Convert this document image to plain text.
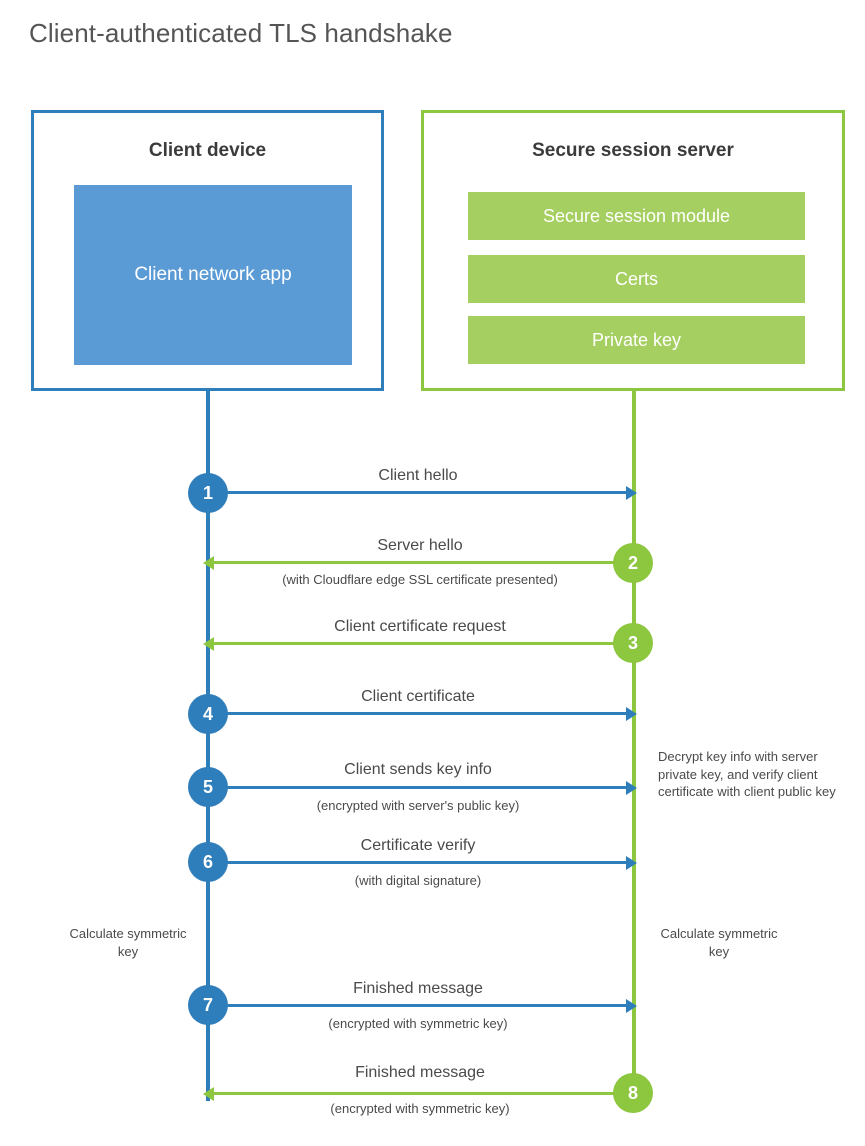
Client-authenticated TLS handshake
Client device
Client network app
Secure session server
Secure session module
Certs
Private key
Client hello
1
Server hello
(with Cloudflare edge SSL certificate presented)
2
Client certificate request
3
Client certificate
4
Client sends key info
(encrypted with server's public key)
5
Decrypt key info with server private key, and verify client certificate with client public key
Certificate verify
(with digital signature)
6
Calculate symmetric key
Calculate symmetric key
Finished message
(encrypted with symmetric key)
7
Finished message
(encrypted with symmetric key)
8
